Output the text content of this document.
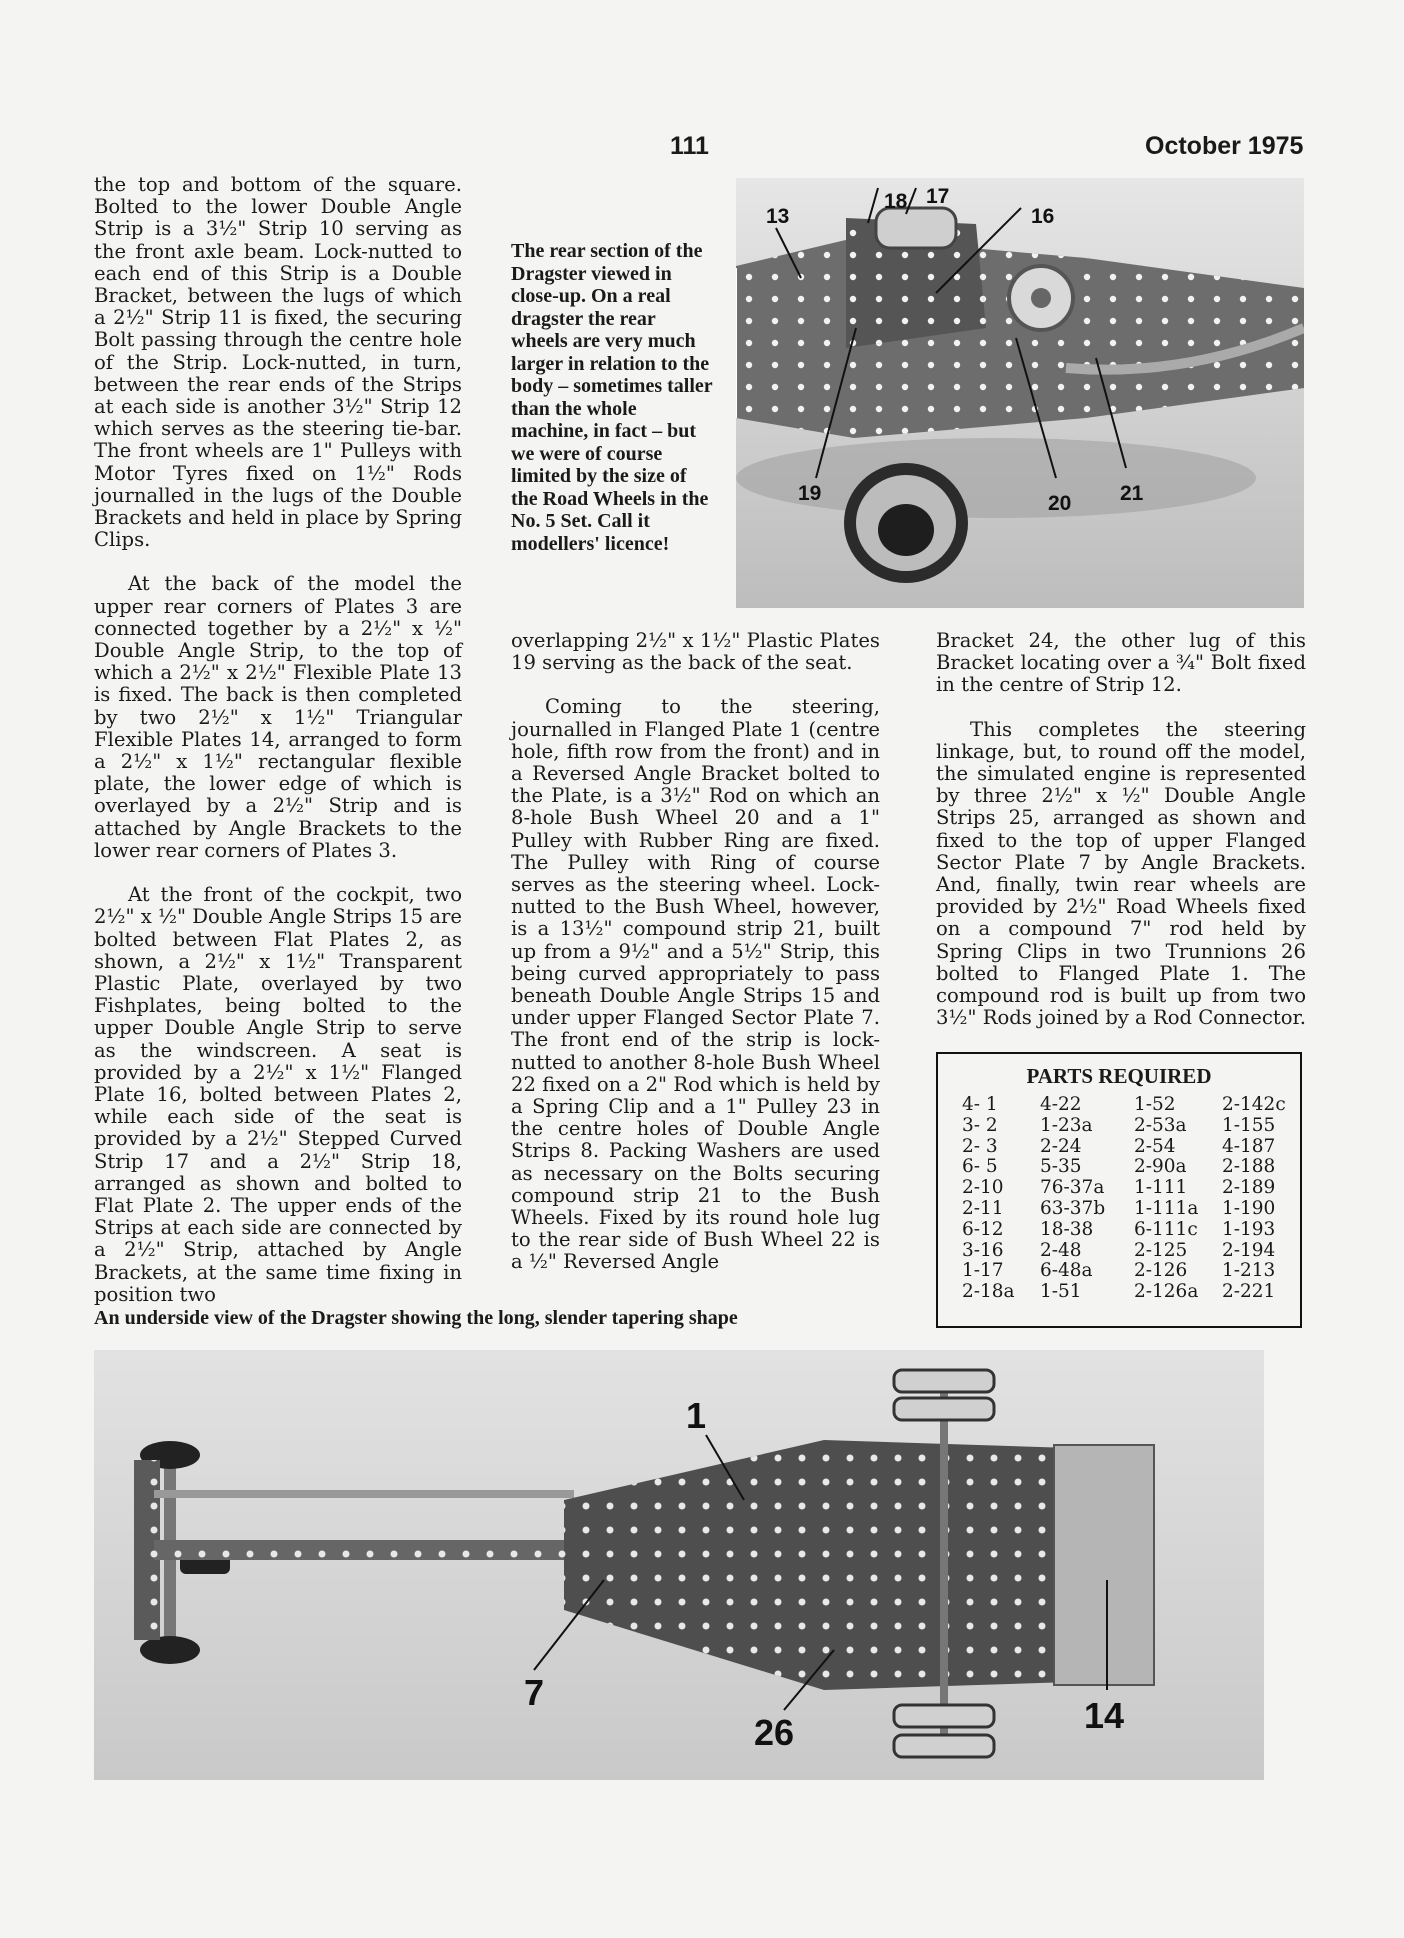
111	October 1975

the top and bottom of the square. Bolted to the lower Double Angle Strip is a 3½" Strip 10 serving as the front axle beam. Lock-nutted to each end of this Strip is a Double Bracket, between the lugs of which a 2½" Strip 11 is fixed, the securing Bolt passing through the centre hole of the Strip. Lock-nutted, in turn, between the rear ends of the Strips at each side is another 3½" Strip 12 which serves as the steering tie-bar. The front wheels are 1" Pulleys with Motor Tyres fixed on 1½" Rods journalled in the lugs of the Double Brackets and held in place by Spring Clips.

At the back of the model the upper rear corners of Plates 3 are connected together by a 2½" x ½" Double Angle Strip, to the top of which a 2½" x 2½" Flexible Plate 13 is fixed. The back is then completed by two 2½" x 1½" Triangular Flexible Plates 14, arranged to form a 2½" x 1½" rectangular flexible plate, the lower edge of which is overlayed by a 2½" Strip and is attached by Angle Brackets to the lower rear corners of Plates 3.

At the front of the cockpit, two 2½" x ½" Double Angle Strips 15 are bolted between Flat Plates 2, as shown, a 2½" x 1½" Transparent Plastic Plate, overlayed by two Fishplates, being bolted to the upper Double Angle Strip to serve as the windscreen. A seat is provided by a 2½" x 1½" Flanged Plate 16, bolted between Plates 2, while each side of the seat is provided by a 2½" Stepped Curved Strip 17 and a 2½" Strip 18, arranged as shown and bolted to Flat Plate 2. The upper ends of the Strips at each side are connected by a 2½" Strip, attached by Angle Brackets, at the same time fixing in position two

The rear section of the Dragster viewed in close-up. On a real dragster the rear wheels are very much larger in relation to the body – sometimes taller than the whole machine, in fact – but we were of course limited by the size of the Road Wheels in the No. 5 Set. Call it modellers' licence!
18 17
16
13
19	20 21

overlapping 2½" x 1½" Plastic Plates 19 serving as the back of the seat.

Coming to the steering, journalled in Flanged Plate 1 (centre hole, fifth row from the front) and in a Reversed Angle Bracket bolted to the Plate, is a 3½" Rod on which an 8-hole Bush Wheel 20 and a 1" Pulley with Rubber Ring are fixed. The Pulley with Ring of course serves as the steering wheel. Lock-nutted to the Bush Wheel, however, is a 13½" compound strip 21, built up from a 9½" and a 5½" Strip, this being curved appropriately to pass beneath Double Angle Strips 15 and under upper Flanged Sector Plate 7. The front end of the strip is lock-nutted to another 8-hole Bush Wheel 22 fixed on a 2" Rod which is held by a Spring Clip and a 1" Pulley 23 in the centre holes of Double Angle Strips 8. Packing Washers are used as necessary on the Bolts securing compound strip 21 to the Bush Wheels. Fixed by its round hole lug to the rear side of Bush Wheel 22 is a ½" Reversed Angle

Bracket 24, the other lug of this Bracket locating over a ¾" Bolt fixed in the centre of Strip 12.

This completes the steering linkage, but, to round off the model, the simulated engine is represented by three 2½" x ½" Double Angle Strips 25, arranged as shown and fixed to the top of upper Flanged Sector Plate 7 by Angle Brackets. And, finally, twin rear wheels are provided by 2½" Road Wheels fixed on a compound 7" rod held by Spring Clips in two Trunnions 26 bolted to Flanged Plate 1. The compound rod is built up from two 3½" Rods joined by a Rod Connector.

PARTS REQUIRED
4- 1	4-22	1-52	2-142c
3- 2	1-23a	2-53a	1-155
2- 3	2-24	2-54	4-187
6- 5	5-35	2-90a	2-188
2-10	76-37a	1-111	2-189
2-11	63-37b	1-111a	1-190
6-12	18-38	6-111c	1-193
3-16	2-48	2-125	2-194
1-17	6-48a	2-126	1-213
2-18a	1-51	2-126a	2-221
An underside view of the Dragster showing the long, slender tapering shape
1
7
26	14
